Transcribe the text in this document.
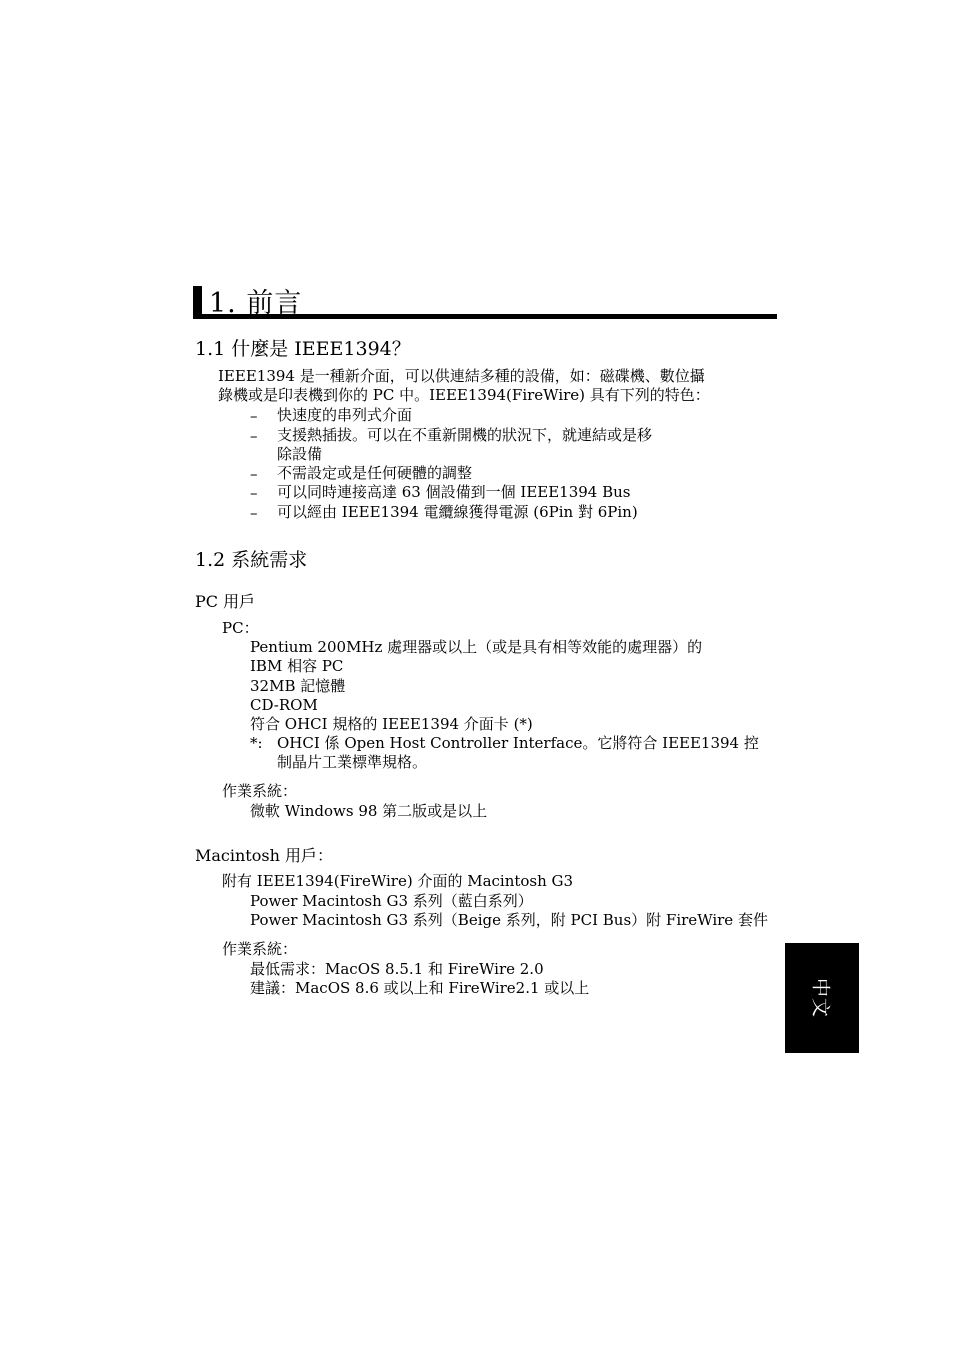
1. 前言
1.1 什麼是 IEEE1394？
IEEE1394 是一種新介面，可以供連結多種的設備，如：磁碟機、數位攝
錄機或是印表機到你的 PC 中。IEEE1394(FireWire) 具有下列的特色：
– 快速度的串列式介面
– 支援熱插拔。可以在不重新開機的狀況下，就連結或是移
除設備
– 不需設定或是任何硬體的調整
– 可以同時連接高達 63 個設備到一個 IEEE1394 Bus
– 可以經由 IEEE1394 電纜線獲得電源 (6Pin 對 6Pin)
1.2 系統需求
PC 用戶
PC：
Pentium 200MHz 處理器或以上（或是具有相等效能的處理器）的
IBM 相容 PC
32MB 記憶體
CD-ROM
符合 OHCI 規格的 IEEE1394 介面卡 (*)
*: OHCI 係 Open Host Controller Interface。它將符合 IEEE1394 控
制晶片工業標準規格。
作業系統：
微軟 Windows 98 第二版或是以上
Macintosh 用戶：
附有 IEEE1394(FireWire) 介面的 Macintosh G3
Power Macintosh G3 系列（藍白系列）
Power Macintosh G3 系列（Beige 系列，附 PCI Bus）附 FireWire 套件
作業系統：
最低需求：MacOS 8.5.1 和 FireWire 2.0
建議：MacOS 8.6 或以上和 FireWire2.1 或以上	中文
